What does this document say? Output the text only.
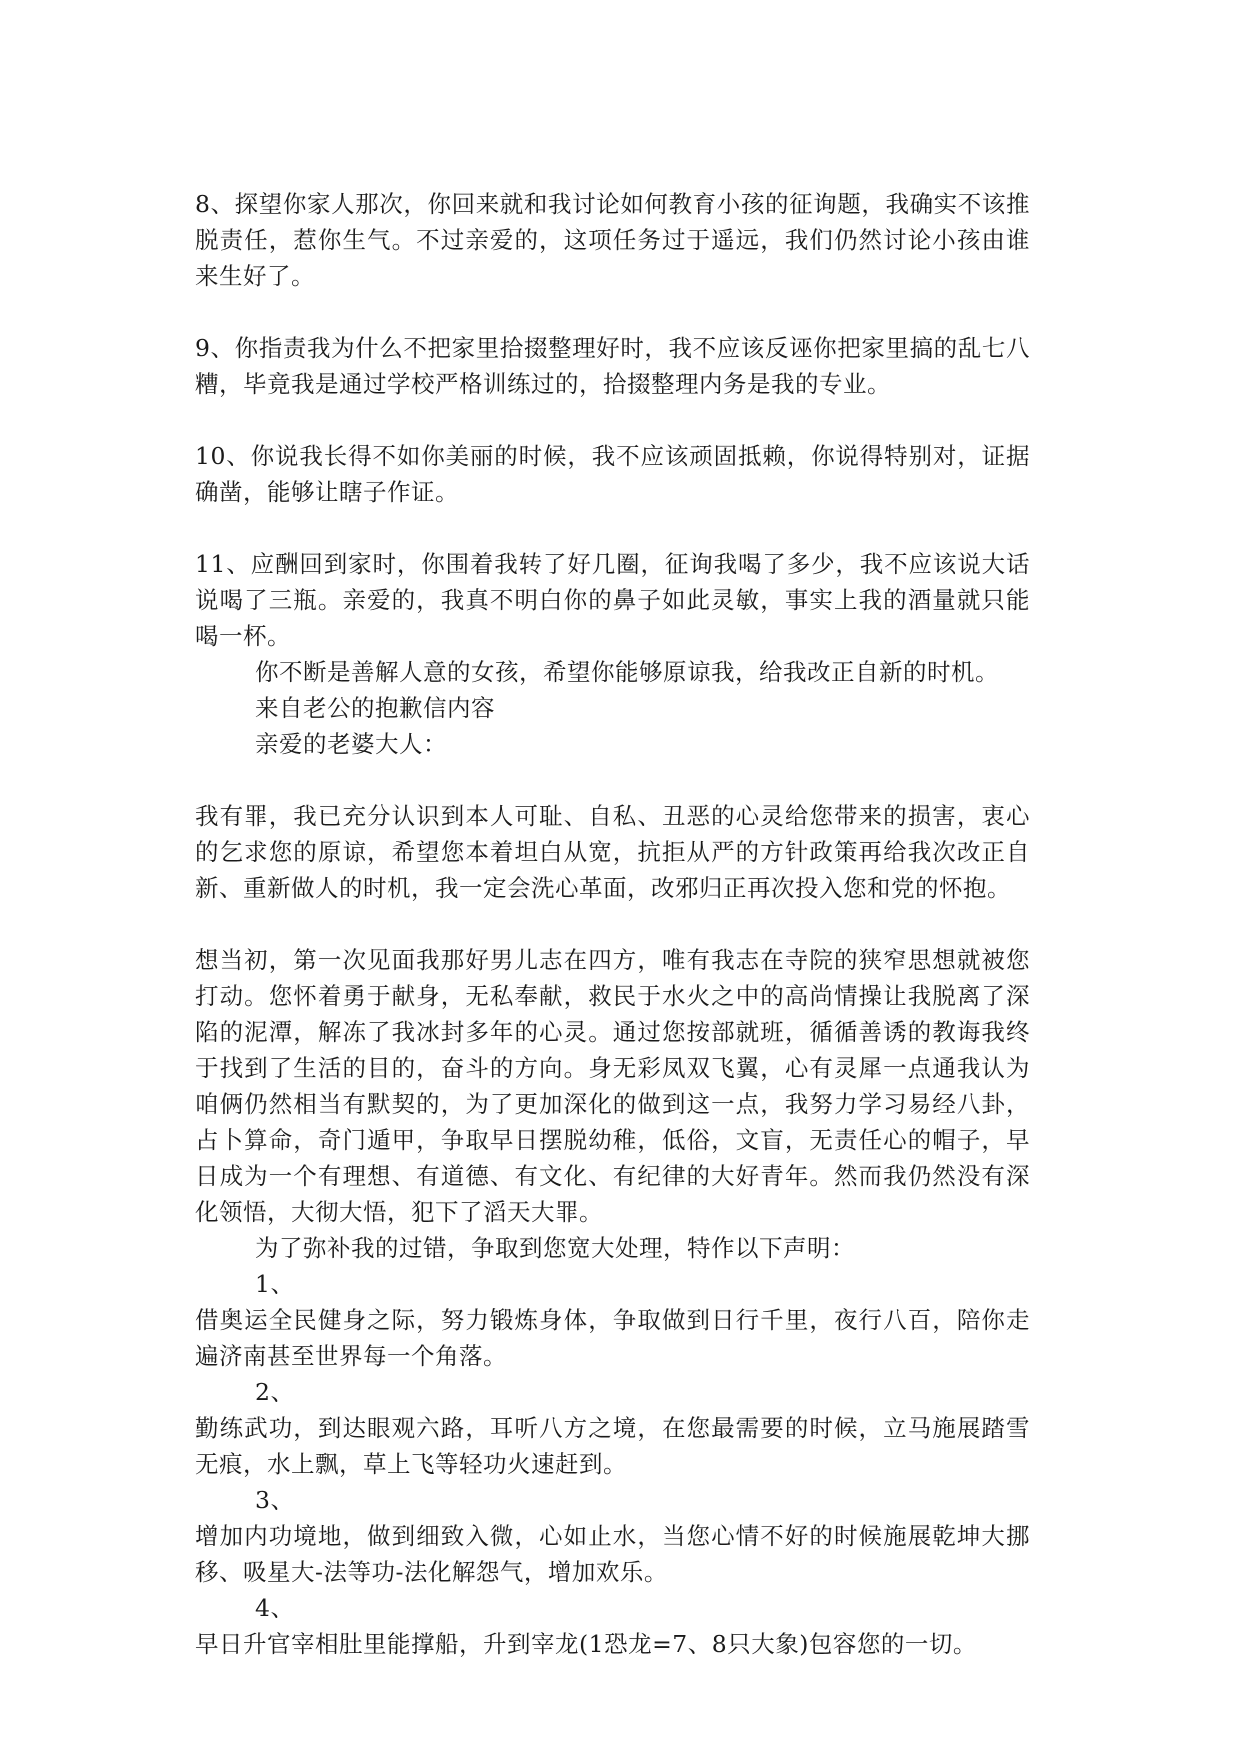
8、探望你家人那次，你回来就和我讨论如何教育小孩的征询题，我确实不该推脱责任，惹你生气。不过亲爱的，这项任务过于遥远，我们仍然讨论小孩由谁来生好了。

9、你指责我为什么不把家里拾掇整理好时，我不应该反诬你把家里搞的乱七八糟，毕竟我是通过学校严格训练过的，拾掇整理内务是我的专业。

10、你说我长得不如你美丽的时候，我不应该顽固抵赖，你说得特别对，证据确凿，能够让瞎子作证。

11、应酬回到家时，你围着我转了好几圈，征询我喝了多少，我不应该说大话说喝了三瓶。亲爱的，我真不明白你的鼻子如此灵敏，事实上我的酒量就只能喝一杯。

你不断是善解人意的女孩，希望你能够原谅我，给我改正自新的时机。

来自老公的抱歉信内容

亲爱的老婆大人：

我有罪，我已充分认识到本人可耻、自私、丑恶的心灵给您带来的损害，衷心的乞求您的原谅，希望您本着坦白从宽，抗拒从严的方针政策再给我次改正自新、重新做人的时机，我一定会洗心革面，改邪归正再次投入您和党的怀抱。

想当初，第一次见面我那好男儿志在四方，唯有我志在寺院的狭窄思想就被您打动。您怀着勇于献身，无私奉献，救民于水火之中的高尚情操让我脱离了深陷的泥潭，解冻了我冰封多年的心灵。通过您按部就班，循循善诱的教诲我终于找到了生活的目的，奋斗的方向。身无彩凤双飞翼，心有灵犀一点通我认为咱俩仍然相当有默契的，为了更加深化的做到这一点，我努力学习易经八卦，占卜算命，奇门遁甲，争取早日摆脱幼稚，低俗，文盲，无责任心的帽子，早日成为一个有理想、有道德、有文化、有纪律的大好青年。然而我仍然没有深化领悟，大彻大悟，犯下了滔天大罪。

为了弥补我的过错，争取到您宽大处理，特作以下声明：

1、

借奥运全民健身之际，努力锻炼身体，争取做到日行千里，夜行八百，陪你走遍济南甚至世界每一个角落。

2、

勤练武功，到达眼观六路，耳听八方之境，在您最需要的时候，立马施展踏雪无痕，水上飘，草上飞等轻功火速赶到。

3、

增加内功境地，做到细致入微，心如止水，当您心情不好的时候施展乾坤大挪移、吸星大-法等功-法化解怨气，增加欢乐。

4、

早日升官宰相肚里能撑船，升到宰龙(1恐龙=7、8只大象)包容您的一切。
